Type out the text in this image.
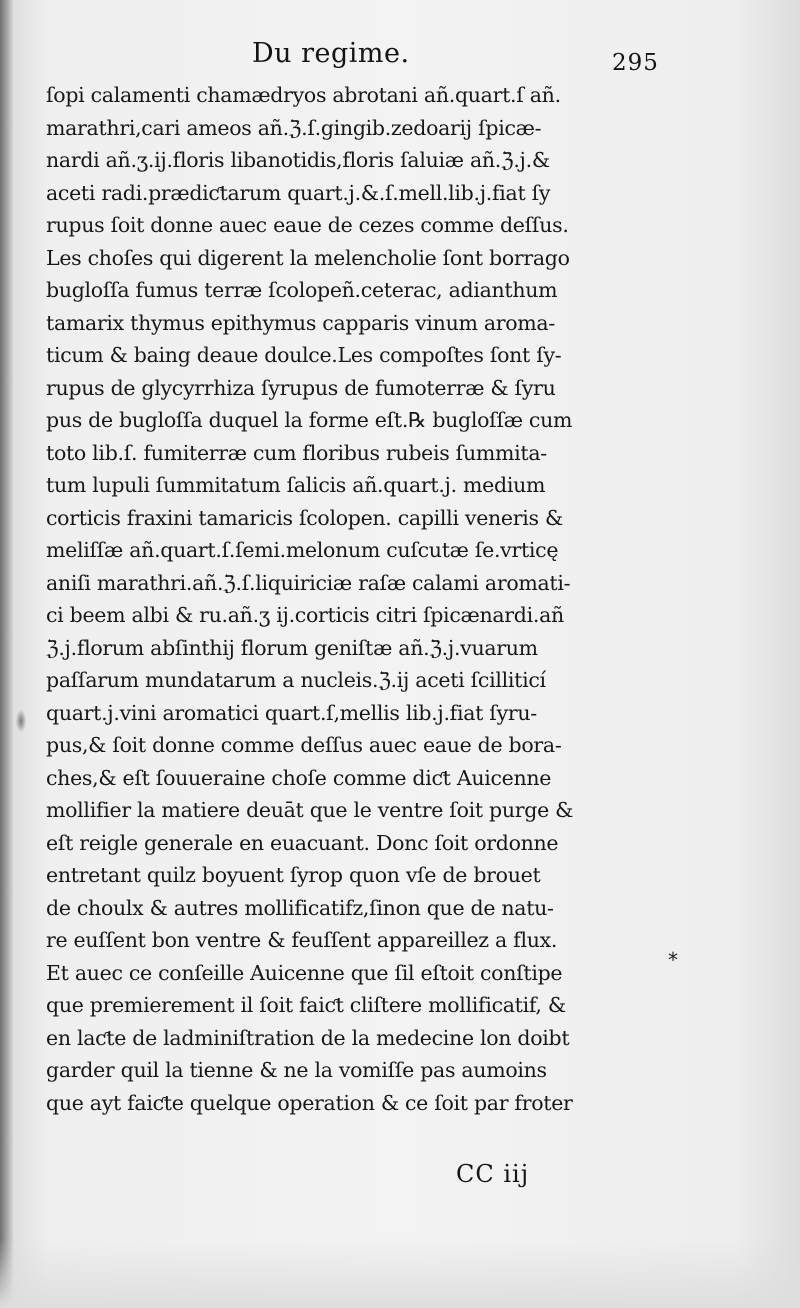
Du regime.	295
ſopi calamenti chamædryos abrotani añ.quart.ſ añ.
marathri,cari ameos añ.ℨ.ſ.gingib.zedoarij ſpicæ-
nardi añ.ʒ.ij.floris libanotidis,floris ſaluiæ añ.ℨ.j.&
aceti radi.prædiƈtarum quart.j.&.ſ.mell.lib.j.fiat ſy
rupus ſoit donne auec eaue de cezes comme deſſus.
Les choſes qui digerent la melencholie ſont borrago
bugloſſa fumus terræ ſcolopeñ.ceterac, adianthum
tamarix thymus epithymus capparis vinum aroma-
ticum & baing deaue doulce.Les compoſtes ſont ſy-
rupus de glycyrrhiza ſyrupus de fumoterræ & ſyru
pus de bugloſſa duquel la forme eſt.℞ bugloſſæ cum
toto lib.ſ. fumiterræ cum floribus rubeis ſummita-
tum lupuli ſummitatum ſalicis añ.quart.j. medium
corticis fraxini tamaricis ſcolopen. capilli veneris &
meliſſæ añ.quart.ſ.ſemi.melonum cuſcutæ ſe.vrticę
aniſi marathri.añ.ℨ.ſ.liquiriciæ raſæ calami aromati-
ci beem albi & ru.añ.ʒ ij.corticis citri ſpicænardi.añ
ℨ.j.florum abſinthij florum geniſtæ añ.ℨ.j.vuarum
paſſarum mundatarum a nucleis.ℨ.ij aceti ſcilliticí
quart.j.vini aromatici quart.ſ,mellis lib.j.fiat ſyru-
pus,& ſoit donne comme deſſus auec eaue de bora-
ches,& eſt ſouueraine choſe comme diƈt Auicenne
mollifier la matiere deuāt que le ventre ſoit purge &
eſt reigle generale en euacuant. Donc ſoit ordonne
entretant quilz boyuent ſyrop quon vſe de brouet
de choulx & autres mollificatifz,ſinon que de natu-
re euſſent bon ventre & feuſſent appareillez a flux.
Et auec ce conſeille Auicenne que ſil eſtoit conſtipe
que premierement il ſoit faiƈt cliſtere mollificatif, &
en laƈte de ladminiſtration de la medecine lon doibt
garder quil la tienne & ne la vomiſſe pas aumoins
que ayt faiƈte quelque operation & ce ſoit par froter
*
CC iij
